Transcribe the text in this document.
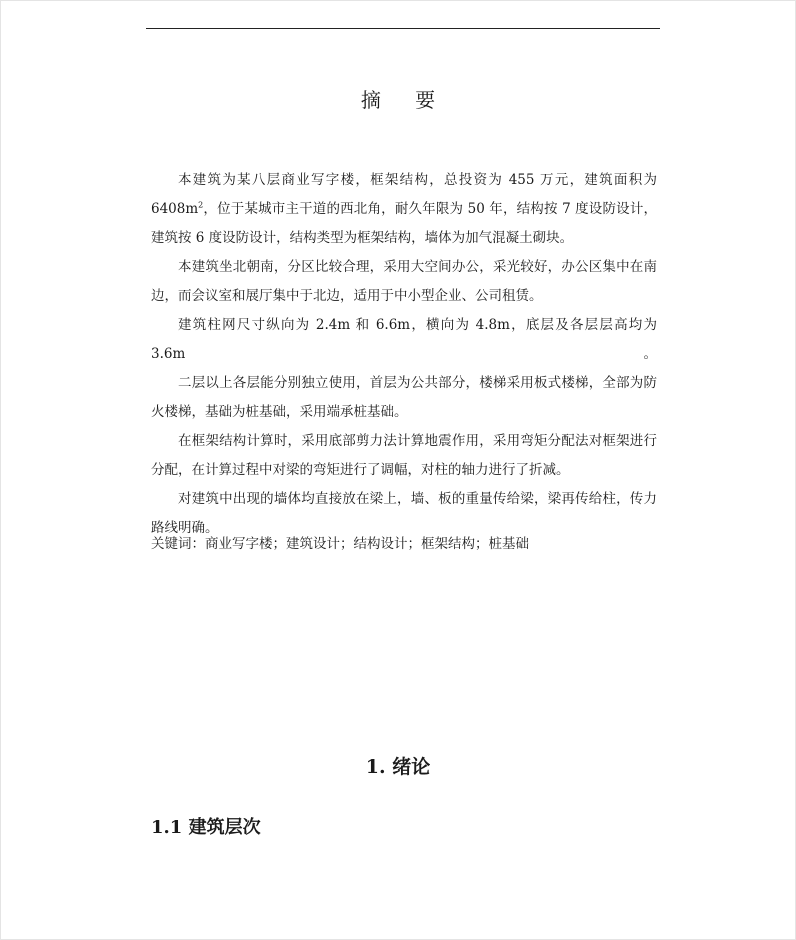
摘 要

本建筑为某八层商业写字楼，框架结构，总投资为 455 万元，建筑面积为 $6408m^2$，位于某城市主干道的西北角，耐久年限为 50 年，结构按 7 度设防设计，建筑按 6 度设防设计，结构类型为框架结构，墙体为加气混凝土砌块。

本建筑坐北朝南，分区比较合理，采用大空间办公，采光较好，办公区集中在南边，而会议室和展厅集中于北边，适用于中小型企业、公司租赁。

建筑柱网尺寸纵向为 2.4m 和 6.6m，横向为 4.8m，底层及各层层高均为 3.6m。

二层以上各层能分别独立使用，首层为公共部分，楼梯采用板式楼梯，全部为防火楼梯，基础为桩基础，采用端承桩基础。

在框架结构计算时，采用底部剪力法计算地震作用，采用弯矩分配法对框架进行分配，在计算过程中对梁的弯矩进行了调幅，对柱的轴力进行了折减。

对建筑中出现的墙体均直接放在梁上，墙、板的重量传给梁，梁再传给柱，传力路线明确。

关键词：商业写字楼；建筑设计；结构设计；框架结构；桩基础
1. 绪论
1.1 建筑层次
